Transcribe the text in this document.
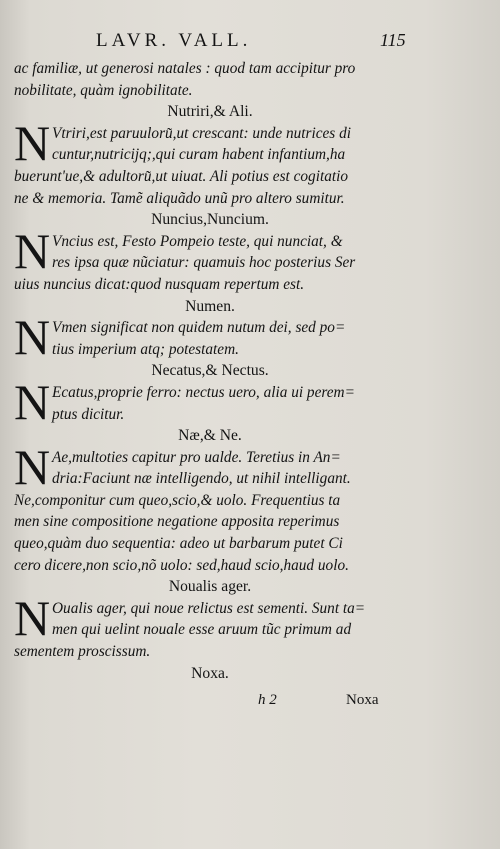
LAVR. VALL.	115
ac familiæ, ut generosi natales : quod tam accipitur pro
nobilitate, quàm ignobilitate.
Nutriri,& Ali.
N Vtriri,est paruuloru͂,ut crescant: unde nutrices di
cuntur,nutricijq;,qui curam habent infantium,ha
buerunt'ue,& adultoru͂,ut uiuat. Ali potius est cogitatio
ne & memoria. Tamẽ aliquãdo unũ pro altero sumitur.
Nuncius,Nuncium.
N Vncius est, Festo Pompeio teste, qui nunciat, &
res ipsa quæ nũciatur: quamuis hoc posterius Ser
uius nuncius dicat:quod nusquam repertum est.
Numen.
N Vmen significat non quidem nutum dei, sed po=
tius imperium atq; potestatem.
Necatus,& Nectus.
N Ecatus,proprie ferro: nectus uero, alia ui perem=
ptus dicitur.
Næ,& Ne.
N Ae,multoties capitur pro ualde. Teretius in An=
dria:Faciunt næ intelligendo, ut nihil intelligant.
Ne,componitur cum queo,scio,& uolo. Frequentius ta
men sine compositione negatione apposita reperimus
queo,quàm duo sequentia: adeo ut barbarum putet Ci
cero dicere,non scio,nõ uolo: sed,haud scio,haud uolo.
Noualis ager.
N Oualis ager, qui noue relictus est sementi. Sunt ta=
men qui uelint nouale esse aruum tũc primum ad
sementem proscissum.
Noxa.
h 2	Noxa
